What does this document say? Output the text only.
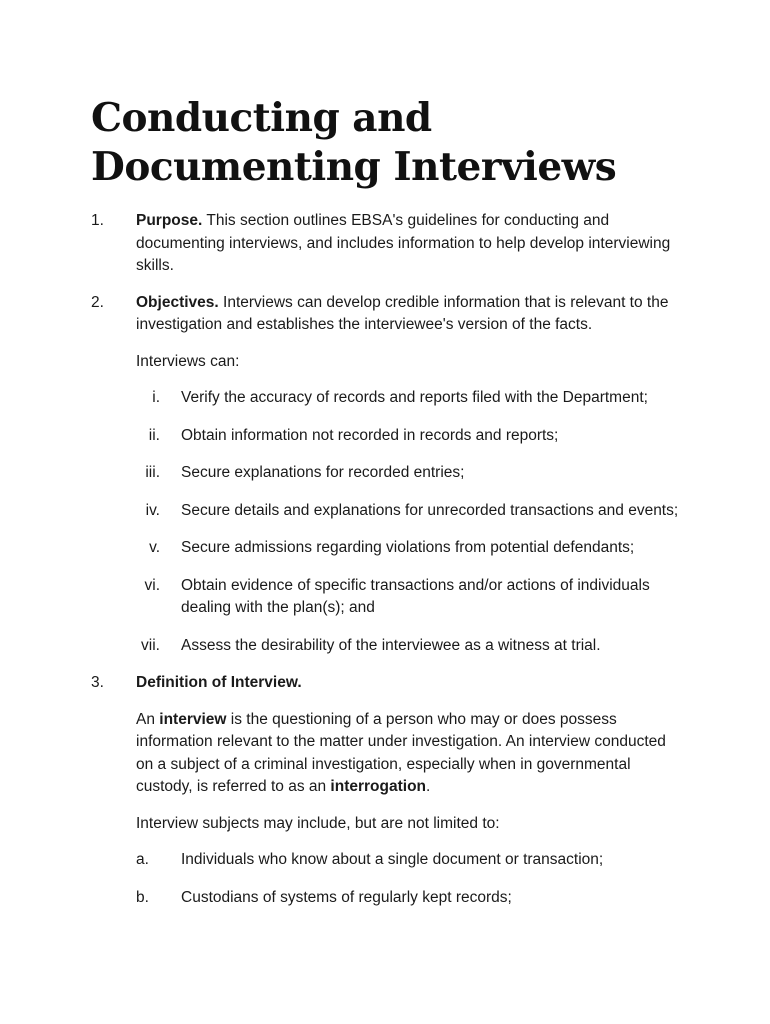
Conducting and Documenting Interviews
1. Purpose. This section outlines EBSA's guidelines for conducting and documenting interviews, and includes information to help develop interviewing skills.

2. Objectives. Interviews can develop credible information that is relevant to the investigation and establishes the interviewee's version of the facts.

Interviews can:

i. Verify the accuracy of records and reports filed with the Department;
ii. Obtain information not recorded in records and reports;
iii. Secure explanations for recorded entries;
iv. Secure details and explanations for unrecorded transactions and events;
v. Secure admissions regarding violations from potential defendants;
vi. Obtain evidence of specific transactions and/or actions of individuals dealing with the plan(s); and
vii. Assess the desirability of the interviewee as a witness at trial.
3. Definition of Interview.

An interview is the questioning of a person who may or does possess information relevant to the matter under investigation. An interview conducted on a subject of a criminal investigation, especially when in governmental custody, is referred to as an interrogation.

Interview subjects may include, but are not limited to:

a.	Individuals who know about a single document or transaction;
b.	Custodians of systems of regularly kept records;
